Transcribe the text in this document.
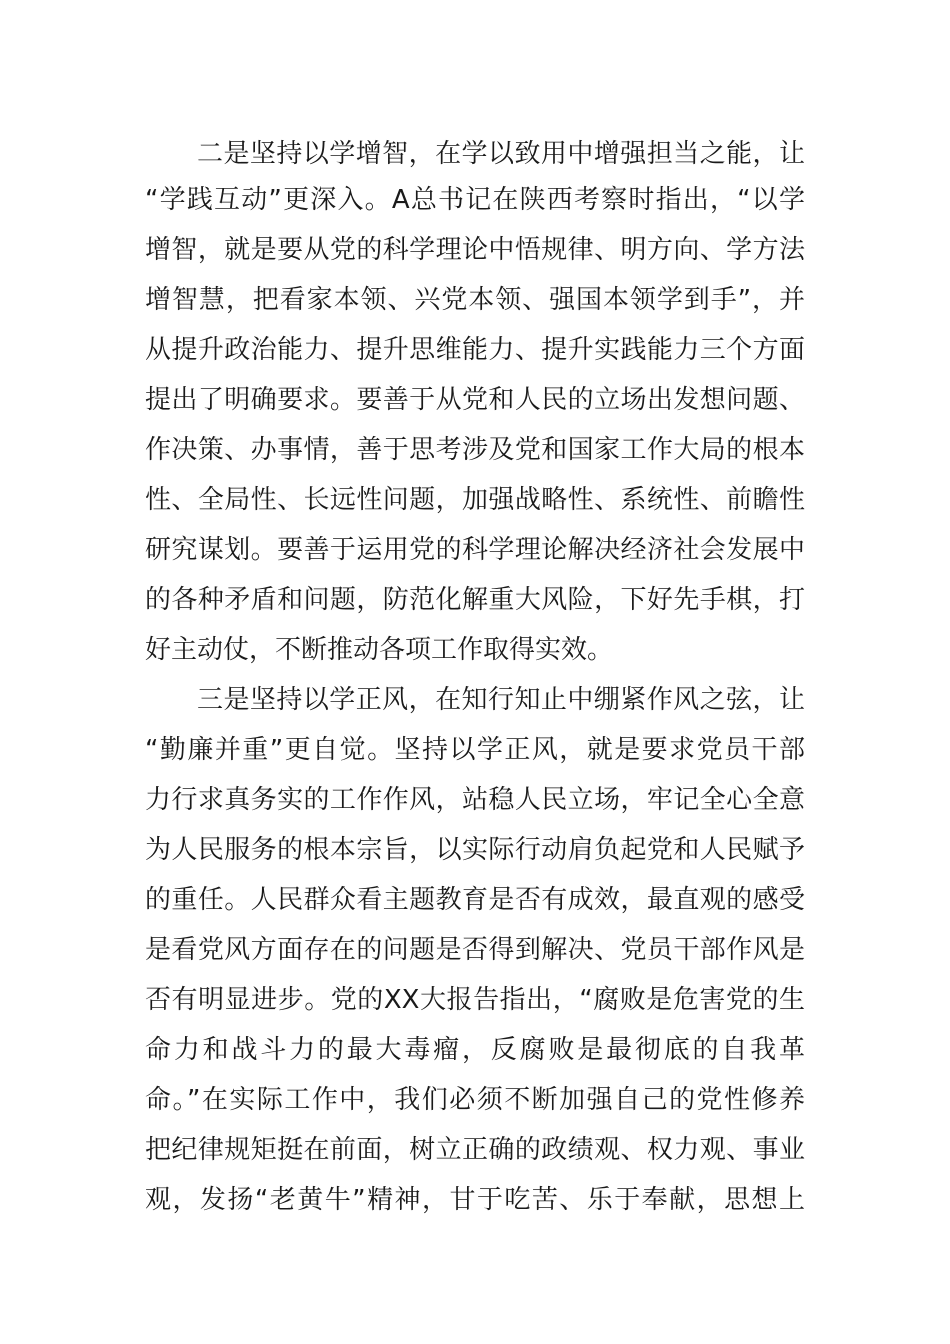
二是坚持以学增智，在学以致用中增强担当之能，让
“学践互动”更深入。A总书记在陕西考察时指出，“以学
增智，就是要从党的科学理论中悟规律、明方向、学方法
增智慧，把看家本领、兴党本领、强国本领学到手”，并
从提升政治能力、提升思维能力、提升实践能力三个方面
提出了明确要求。要善于从党和人民的立场出发想问题、
作决策、办事情，善于思考涉及党和国家工作大局的根本
性、全局性、长远性问题，加强战略性、系统性、前瞻性
研究谋划。要善于运用党的科学理论解决经济社会发展中
的各种矛盾和问题，防范化解重大风险，下好先手棋，打
好主动仗，不断推动各项工作取得实效。
三是坚持以学正风，在知行知止中绷紧作风之弦，让
“勤廉并重”更自觉。坚持以学正风，就是要求党员干部
力行求真务实的工作作风，站稳人民立场，牢记全心全意
为人民服务的根本宗旨，以实际行动肩负起党和人民赋予
的重任。人民群众看主题教育是否有成效，最直观的感受
是看党风方面存在的问题是否得到解决、党员干部作风是
否有明显进步。党的XX大报告指出，“腐败是危害党的生
命力和战斗力的最大毒瘤，反腐败是最彻底的自我革
命。”在实际工作中，我们必须不断加强自己的党性修养
把纪律规矩挺在前面，树立正确的政绩观、权力观、事业
观，发扬“老黄牛”精神，甘于吃苦、乐于奉献，思想上
